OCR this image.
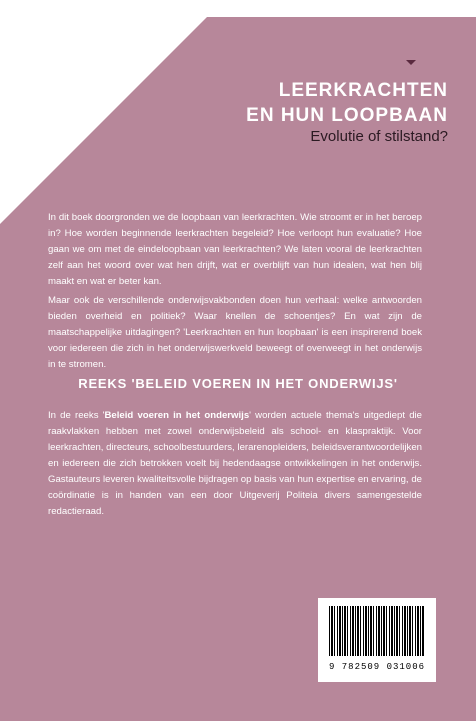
LEERKRACHTEN
EN HUN LOOPBAAN
Evolutie of stilstand?
In dit boek doorgronden we de loopbaan van leerkrachten. Wie stroomt er in het beroep in? Hoe worden beginnende leerkrachten begeleid? Hoe verloopt hun evaluatie? Hoe gaan we om met de eindeloopbaan van leerkrachten? We laten vooral de leerkrachten zelf aan het woord over wat hen drijft, wat er overblijft van hun idealen, wat hen blij maakt en wat er beter kan.
Maar ook de verschillende onderwijsvakbonden doen hun verhaal: welke antwoorden bieden overheid en politiek? Waar knellen de schoentjes? En wat zijn de maatschappelijke uitdagingen? 'Leerkrachten en hun loopbaan' is een inspirerend boek voor iedereen die zich in het onderwijswerkveld beweegt of overweegt in het onderwijs in te stromen.
REEKS 'BELEID VOEREN IN HET ONDERWIJS'
In de reeks 'Beleid voeren in het onderwijs' worden actuele thema's uitgediept die raakvlakken hebben met zowel onderwijsbeleid als school- en klaspraktijk. Voor leerkrachten, directeurs, schoolbestuurders, lerarenopleiders, beleidsverantwoordelijken en iedereen die zich betrokken voelt bij hedendaagse ontwikkelingen in het onderwijs. Gastauteurs leveren kwaliteitsvolle bijdragen op basis van hun expertise en ervaring, de coördinatie is in handen van een door Uitgeverij Politeia divers samengestelde redactieraad.
9 782509 031006
